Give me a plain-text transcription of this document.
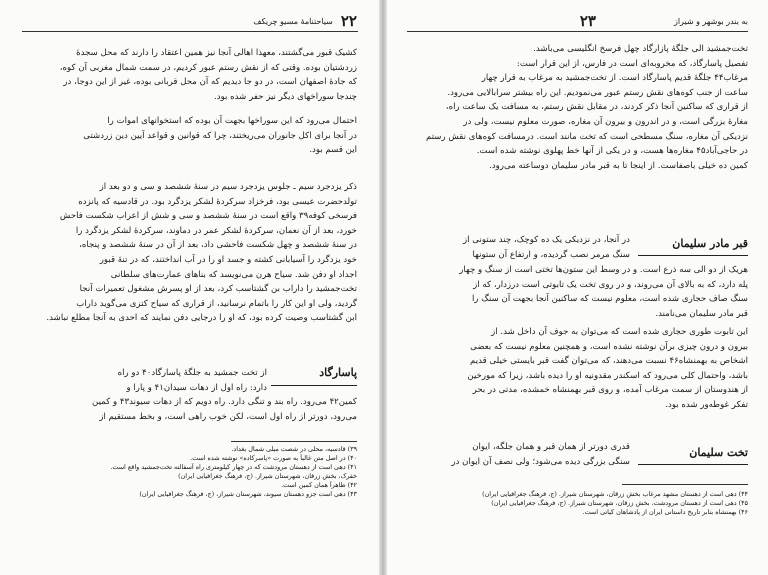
۲۲
سیاحتنامهٔ مسیو چریکف
کشیک قبور می‌گشتند، معهذا اهالی آنجا نیز همین اعتقاد را دارند که محل سجدهٔ
زردشتیان بوده. وقتی که از نقش رستم عبور کردیم، در سمت شمال مغربی آن کوه،
که جادهٔ اصفهان است، در دو جا دیدیم که آن محل قربانی بوده، غیر از این دوجا، در
چندجا سوراخهای دیگر نیز حفر شده بود.
احتمال می‌رود که این سوراخها بجهت آن بوده که استخوانهای اموات را
در آنجا برای اکل جانوران می‌ریختند، چرا که قوانین و قواعد آیین دین زردشتی
این قسم بود.
ذکر یزدجرد سیم ـ جلوس یزدجرد سیم در سنهٔ ششصد و سی و دو بعد از
تولدحضرت عیسی بود، فرخزاد سرکردهٔ لشکر یزدگرد بود. در قادسیه که پانزده
فرسخی کوفه۳۹ واقع است در سنهٔ ششصد و سی و شش از اعراب شکست فاحش
خورد، بعد از آن نعمان، سرکردهٔ لشکر عمر در دماوند، سرکردهٔ لشکر یزدگرد را
در سنهٔ ششصد و چهل شکست فاحشی داد، بعد از آن در سنهٔ ششصد و پنجاه،
خود یزدگرد را آسیابانی کشته و جسد او را در آب انداختند، که در تنهٔ قبور
اجداد او دفن شد. سیاح هرن می‌نویسد که بناهای عمارت‌های سلطانی
تخت‌جمشید را داراب بن گشتاسب کرد، بعد از او پسرش مشغول تعمیرات آنجا
گردید، ولی او این کار را باتمام نرسانید، از قراری که سیاح کتزی می‌گوید داراب
ابن گشتاسب وصیت کرده بود، که او را درجایی دفن نمایند که احدی به آنجا مطلع نباشد.
پاسارگاد
از تخت جمشید به جلگهٔ پاسارگاد۴۰ دو راه
دارد: راه اول از دهات سیدان۴۱ و پارا و
کمین۴۲ می‌رود. راه بند و تنگی دارد. راه دویم که از دهات سیوند۴۳ و کمین
می‌رود، دورتر از راه اول است، لکن خوب راهی است، و بخط مستقیم از
۳۹) قادسیه، محلی در شصت میلی شمال بغداد.
۴۰) در اصل متن غالباً به صورت «پاسرکاده» نوشته شده است.
۴۱) دهی است از دهستان مرودشت که در چهار کیلومتری راه آسفالته تخت‌جمشید واقع است.
خفرک، بخش زرقان، شهرستان شیراز. (ج، فرهنگ جغرافیایی ایران)
۴۲) ظاهراً همان کمین است.
۴۳) دهی است جزو دهستان سیوند، شهرستان شیراز، (ج، فرهنگ جغرافیایی ایران)
به بندر بوشهر و شیراز
۲۳
تخت‌جمشید الی جلگهٔ پازارگاد چهل فرسخ انگلیسی می‌باشد.
تفصیل پاسارگاد، که مخروبه‌ای است در فارس، از این قرار است:
مرغاب۴۴ جلگهٔ قدیم پاسارگاد است. از تخت‌جمشید به مرغاب به قرار چهار
ساعت از جنب کوه‌های نقش رستم عبور می‌نمودیم. این راه بیشتر سرابالایی می‌رود.
از قراری که ساکنین آنجا ذکر کردند، در مقابل نقش رستم، به مسافت یک ساعت راه،
مغارهٔ بزرگی است، و در اندرون و بیرون آن مغاره، صورت معلوم نیست، ولی در
نزدیکی آن مغاره، سنگ مسطحی است که تخت مانند است. درمسافت کوه‌های نقش رستم
در حاجی‌آباد۴۵ مغاره‌ها هست، و در یکی از آنها خط پهلوی نوشته شده است.
کمین ده خیلی باصفاست. از اینجا تا به قبر مادر سلیمان دوساعته می‌رود.
قبر مادر سلیمان
در آنجا، در نزدیکی یک ده کوچک، چند ستونی از
سنگ مرمر نصب گردیده، و ارتفاع آن ستونها
هریک از دو الی سه ذرع است. و در وسط این ستون‌ها تختی است از سنگ و چهار
پله دارد، که به بالای آن می‌روند، و در روی تخت یک تابوتی است درزدار، که از
سنگ صاف حجاری شده است، معلوم نیست که ساکنین آنجا بجهت آن سنگ را
قبر مادر سلیمان می‌نامند.
این تابوت طوری حجاری شده است که می‌توان به جوف آن داخل شد. از
بیرون و درون چیزی برآن نوشته نشده است، و همچنین معلوم نیست که بعضی
اشخاص به بهمنشاه۴۶ نسبت می‌دهند، که می‌توان گفت قبر بایستی خیلی قدیم
باشد، واحتمال کلی می‌رود که اسکندر مقدونیه او را دیده باشد، زیرا که مورخین
از هندوستان از سمت مرغاب آمده، و روی قبر بهمنشاه خمشده، مدتی در بحر
تفکر غوطه‌ور شده بود.
تخت سلیمان
قدری دورتر از همان قبر و همان جلگه، ایوان
سنگی بزرگی دیده می‌شود؛ ولی نصف آن ایوان در
۴۴) دهی است از دهستان مشهد مرغاب بخش زرقان، شهرستان شیراز. (ج، فرهنگ جغرافیایی ایران)
۴۵) دهی است از دهستان مرودشت، بخش زرقان، شهرستان شیراز. (ج، فرهنگ جغرافیایی ایران)
۴۶) بهمنشاه بنابر تاریخ داستانی ایران از پادشاهان کیانی است.
